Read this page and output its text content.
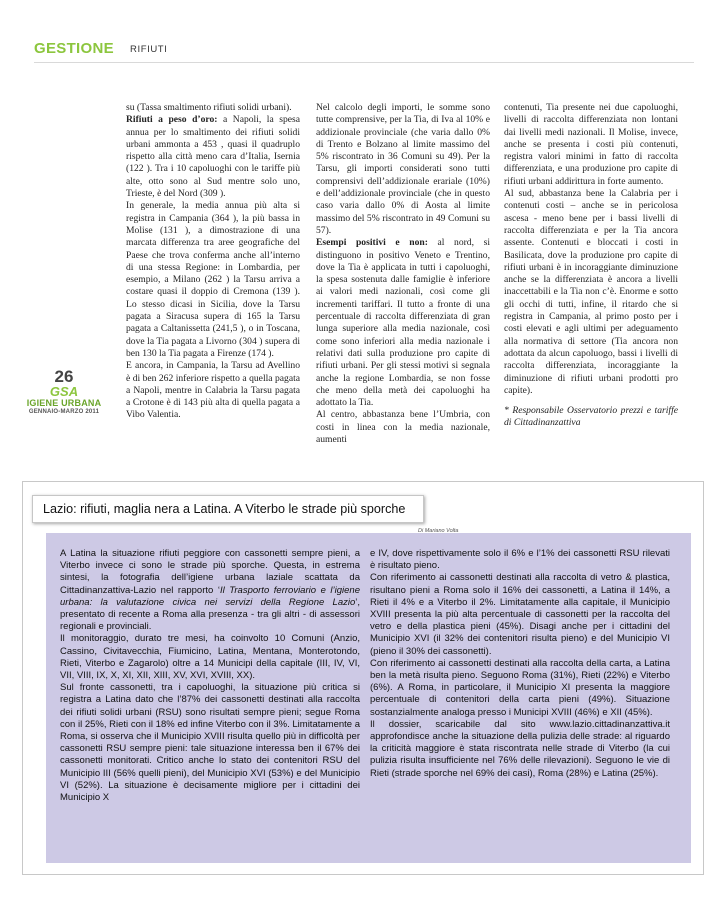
GESTIONE RIFIUTI
26
GSA
IGIENE URBANA
GENNAIO-MARZO 2011

su (Tassa smaltimento rifiuti solidi urbani).

Rifiuti a peso d’oro: a Napoli, la spesa annua per lo smaltimento dei rifiuti solidi urbani ammonta a 453 , quasi il quadruplo rispetto alla città meno cara d’Italia, Isernia (122 ). Tra i 10 capoluoghi con le tariffe più alte, otto sono al Sud mentre solo uno, Trieste, è del Nord (309 ).

In generale, la media annua più alta si registra in Campania (364 ), la più bassa in Molise (131 ), a dimostrazione di una marcata differenza tra aree geografiche del Paese che trova conferma anche all’interno di una stessa Regione: in Lombardia, per esempio, a Milano (262 ) la Tarsu arriva a costare quasi il doppio di Cremona (139 ). Lo stesso dicasi in Sicilia, dove la Tarsu pagata a Siracusa supera di 165 la Tarsu pagata a Caltanissetta (241,5 ), o in Toscana, dove la Tia pagata a Livorno (304 ) supera di ben 130 la Tia pagata a Firenze (174 ).

E ancora, in Campania, la Tarsu ad Avellino è di ben 262 inferiore rispetto a quella pagata a Napoli, mentre in Calabria la Tarsu pagata a Crotone è di 143 più alta di quella pagata a Vibo Valentia.

Nel calcolo degli importi, le somme sono tutte comprensive, per la Tia, di Iva al 10% e addizionale provinciale (che varia dallo 0% di Trento e Bolzano al limite massimo del 5% riscontrato in 36 Comuni su 49). Per la Tarsu, gli importi considerati sono tutti comprensivi dell’addizionale erariale (10%) e dell’addizionale provinciale (che in questo caso varia dallo 0% di Aosta al limite massimo del 5% riscontrato in 49 Comuni su 57).

Esempi positivi e non: al nord, si distinguono in positivo Veneto e Trentino, dove la Tia è applicata in tutti i capoluoghi, la spesa sostenuta dalle famiglie è inferiore ai valori medi nazionali, così come gli incrementi tariffari. Il tutto a fronte di una percentuale di raccolta differenziata di gran lunga superiore alla media nazionale, così come sono inferiori alla media nazionale i relativi dati sulla produzione pro capite di rifiuti urbani. Per gli stessi motivi si segnala anche la regione Lombardia, se non fosse che meno della metà dei capoluoghi ha adottato la Tia.

Al centro, abbastanza bene l’Umbria, con costi in linea con la media nazionale, aumenti

contenuti, Tia presente nei due capoluoghi, livelli di raccolta differenziata non lontani dai livelli medi nazionali. Il Molise, invece, anche se presenta i costi più contenuti, registra valori minimi in fatto di raccolta differenziata, e una produzione pro capite di rifiuti urbani addirittura in forte aumento.

Al sud, abbastanza bene la Calabria per i contenuti costi – anche se in pericolosa ascesa - meno bene per i bassi livelli di raccolta differenziata e per la Tia ancora assente. Contenuti e bloccati i costi in Basilicata, dove la produzione pro capite di rifiuti urbani è in incoraggiante diminuzione anche se la differenziata è ancora a livelli inaccettabili e la Tia non c’è. Enorme e sotto gli occhi di tutti, infine, il ritardo che si registra in Campania, al primo posto per i costi elevati e agli ultimi per adeguamento alla normativa di settore (Tia ancora non adottata da alcun capoluogo, bassi i livelli di raccolta differenziata, incoraggiante la diminuzione di rifiuti urbani prodotti pro capite).

* Responsabile Osservatorio prezzi e tariffe di Cittadinanzattiva

Lazio: rifiuti, maglia nera a Latina. A Viterbo le strade più sporche
Di Mariano Volta

A Latina la situazione rifiuti peggiore con cassonetti sempre pieni, a Viterbo invece ci sono le strade più sporche. Questa, in estrema sintesi, la fotografia dell’igiene urbana laziale scattata da Cittadinanzattiva-Lazio nel rapporto ‘Il Trasporto ferroviario e l’igiene urbana: la valutazione civica nei servizi della Regione Lazio’, presentato di recente a Roma alla presenza - tra gli altri - di assessori regionali e provinciali.

Il monitoraggio, durato tre mesi, ha coinvolto 10 Comuni (Anzio, Cassino, Civitavecchia, Fiumicino, Latina, Mentana, Monterotondo, Rieti, Viterbo e Zagarolo) oltre a 14 Municipi della capitale (III, IV, VI, VII, VIII, IX, X, XI, XII, XIII, XV, XVI, XVIII, XX).

Sul fronte cassonetti, tra i capoluoghi, la situazione più critica si registra a Latina dato che l’87% dei cassonetti destinati alla raccolta dei rifiuti solidi urbani (RSU) sono risultati sempre pieni; segue Roma con il 25%, Rieti con il 18% ed infine Viterbo con il 3%. Limitatamente a Roma, si osserva che il Municipio XVIII risulta quello più in difficoltà per cassonetti RSU sempre pieni: tale situazione interessa ben il 67% dei cassonetti monitorati. Critico anche lo stato dei contenitori RSU del Municipio III (56% quelli pieni), del Municipio XVI (53%) e del Municipio VI (52%). La situazione è decisamente migliore per i cittadini dei Municipio X

e IV, dove rispettivamente solo il 6% e l’1% dei cassonetti RSU rilevati è risultato pieno.

Con riferimento ai cassonetti destinati alla raccolta di vetro & plastica, risultano pieni a Roma solo il 16% dei cassonetti, a Latina il 14%, a Rieti il 4% e a Viterbo il 2%. Limitatamente alla capitale, il Municipio XVIII presenta la più alta percentuale di cassonetti per la raccolta del vetro e della plastica pieni (45%). Disagi anche per i cittadini del Municipio XVI (il 32% dei contenitori risulta pieno) e del Municipio VI (pieno il 30% dei cassonetti).

Con riferimento ai cassonetti destinati alla raccolta della carta, a Latina ben la metà risulta pieno. Seguono Roma (31%), Rieti (22%) e Viterbo (6%). A Roma, in particolare, il Municipio XI presenta la maggiore percentuale di contenitori della carta pieni (49%). Situazione sostanzialmente analoga presso i Municipi XVIII (46%) e XII (45%).

Il dossier, scaricabile dal sito www.lazio.cittadinanzattiva.it approfondisce anche la situazione della pulizia delle strade: al riguardo la criticità maggiore è stata riscontrata nelle strade di Viterbo (la cui pulizia risulta insufficiente nel 76% delle rilevazioni). Seguono le vie di Rieti (strade sporche nel 69% dei casi), Roma (28%) e Latina (25%).
